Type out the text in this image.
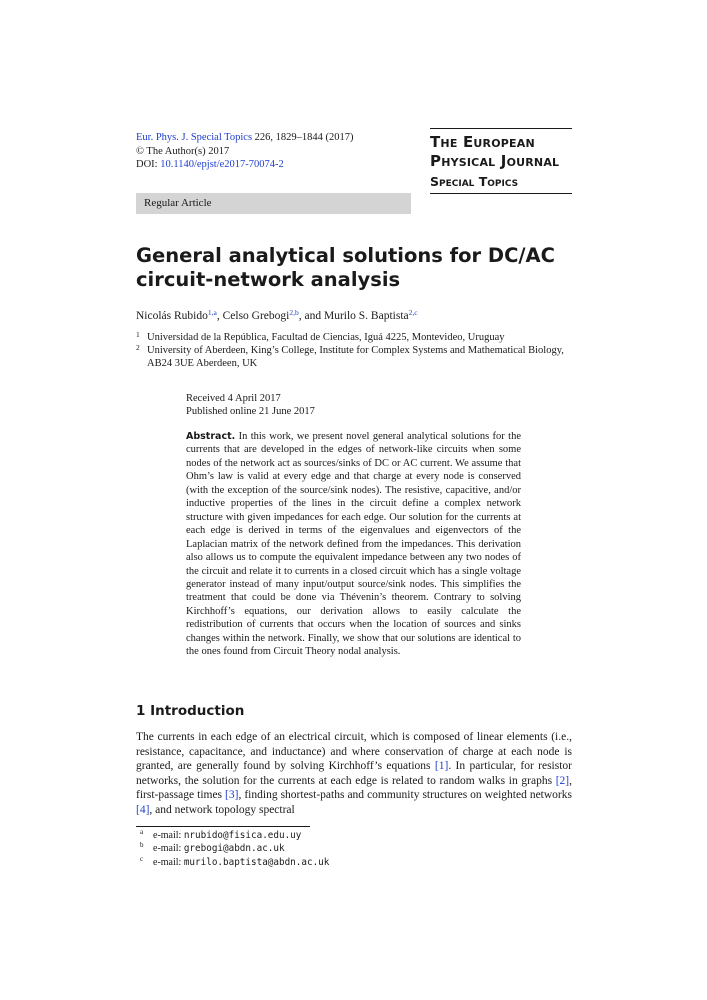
Eur. Phys. J. Special Topics 226, 1829–1844 (2017)
© The Author(s) 2017
DOI: 10.1140/epjst/e2017-70074-2
The European
Physical Journal
Special Topics
Regular Article
General analytical solutions for DC/AC circuit-network analysis
Nicolás Rubido$^{1,a}$, Celso Grebogi$^{2,b}$, and Murilo S. Baptista$^{2,c}$
1 Universidad de la República, Facultad de Ciencias, Iguá 4225, Montevideo, Uruguay
2 University of Aberdeen, King’s College, Institute for Complex Systems and Mathematical Biology, AB24 3UE Aberdeen, UK
Received 4 April 2017
Published online 21 June 2017
Abstract. In this work, we present novel general analytical solutions for the currents that are developed in the edges of network-like circuits when some nodes of the network act as sources/sinks of DC or AC current. We assume that Ohm’s law is valid at every edge and that charge at every node is conserved (with the exception of the source/sink nodes). The resistive, capacitive, and/or inductive properties of the lines in the circuit define a complex network structure with given impedances for each edge. Our solution for the currents at each edge is derived in terms of the eigenvalues and eigenvectors of the Laplacian matrix of the network defined from the impedances. This derivation also allows us to compute the equivalent impedance between any two nodes of the circuit and relate it to currents in a closed circuit which has a single voltage generator instead of many input/output source/sink nodes. This simplifies the treatment that could be done via Thévenin’s theorem. Contrary to solving Kirchhoff’s equations, our derivation allows to easily calculate the redistribution of currents that occurs when the location of sources and sinks changes within the network. Finally, we show that our solutions are identical to the ones found from Circuit Theory nodal analysis.
1 Introduction
The currents in each edge of an electrical circuit, which is composed of linear elements (i.e., resistance, capacitance, and inductance) and where conservation of charge at each node is granted, are generally found by solving Kirchhoff’s equations [1]. In particular, for resistor networks, the solution for the currents at each edge is related to random walks in graphs [2], first-passage times [3], finding shortest-paths and community structures on weighted networks [4], and network topology spectral
a e-mail: nrubido@fisica.edu.uy
b e-mail: grebogi@abdn.ac.uk
c e-mail: murilo.baptista@abdn.ac.uk
